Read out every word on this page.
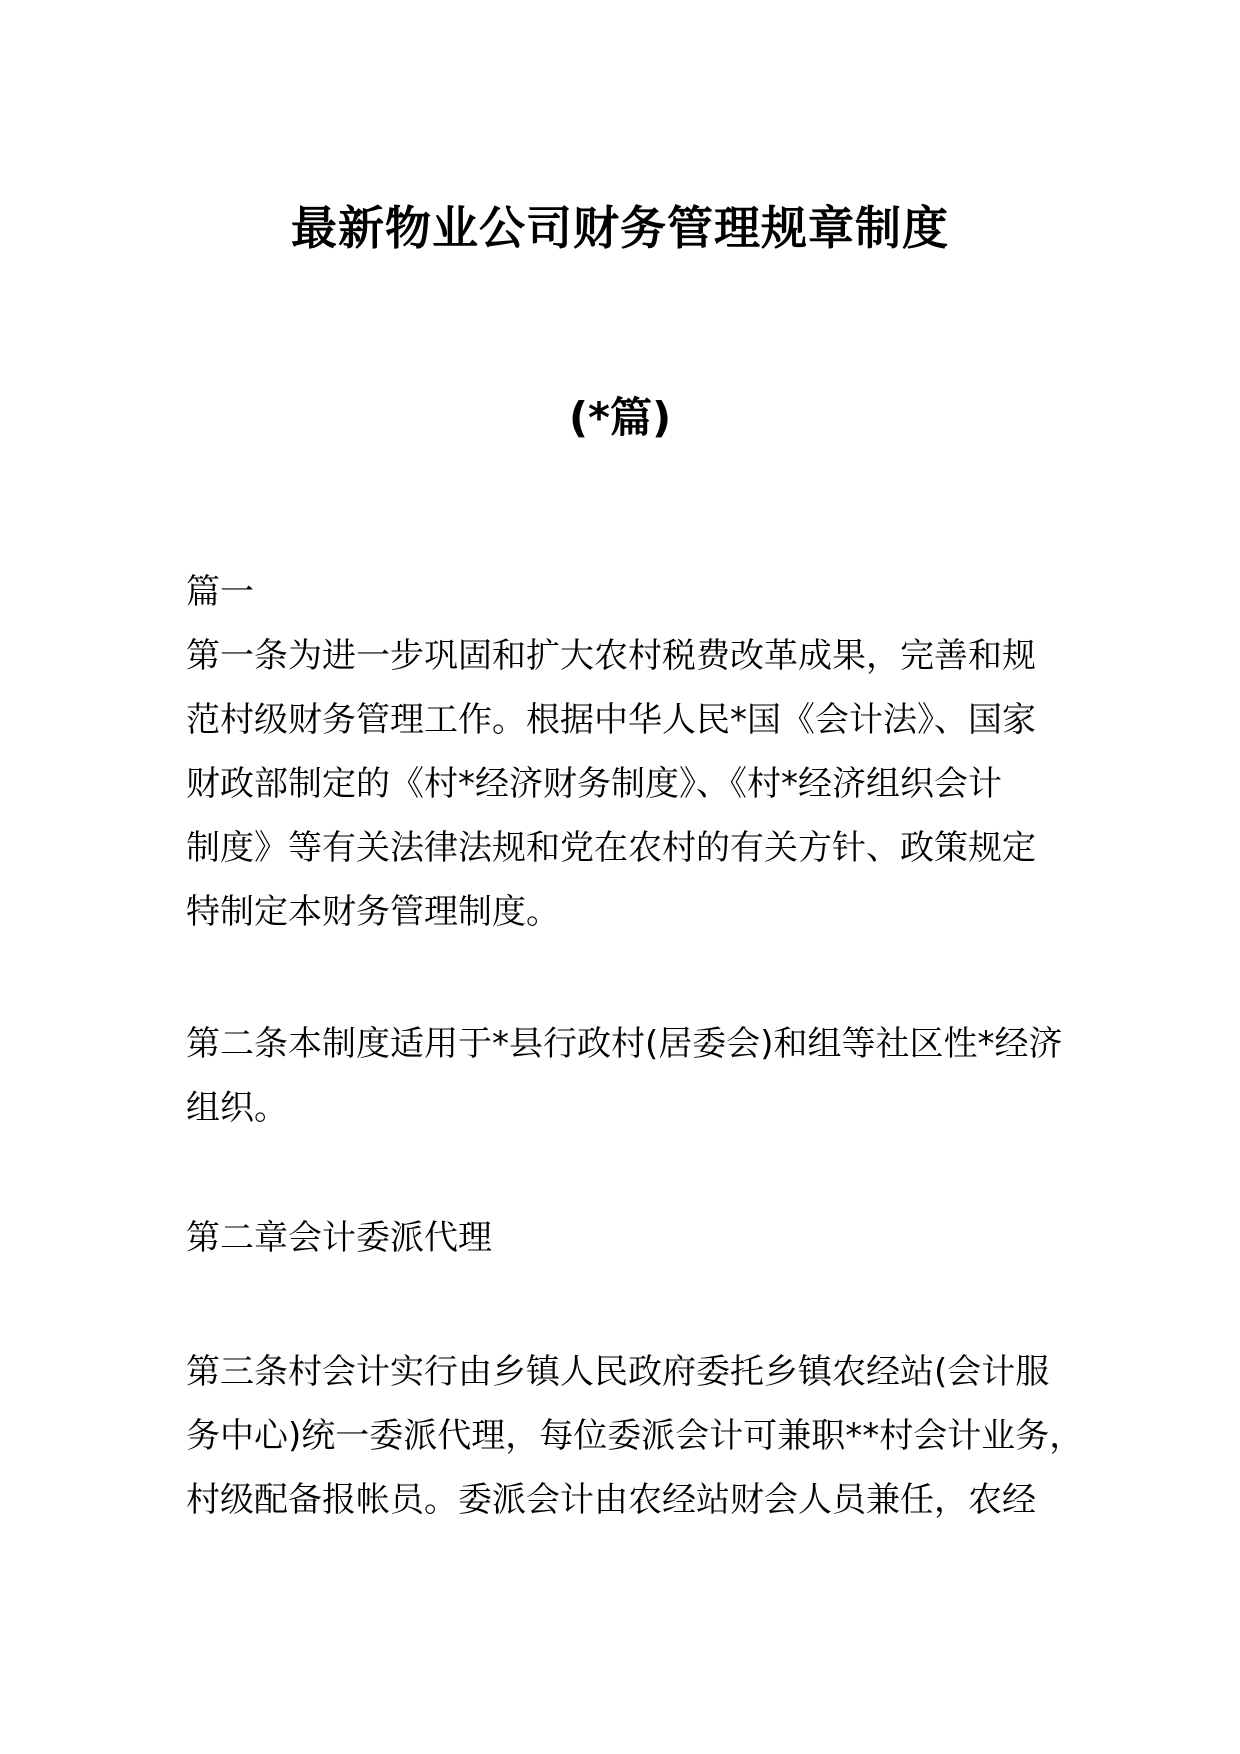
最新物业公司财务管理规章制度
(*篇)
篇一
第一条为进一步巩固和扩大农村税费改革成果，完善和规
范村级财务管理工作。根据中华人民*国《会计法》、国家
财政部制定的《村*经济财务制度》、《村*经济组织会计
制度》等有关法律法规和党在农村的有关方针、政策规定
特制定本财务管理制度。
第二条本制度适用于*县行政村(居委会)和组等社区性*经济
组织。
第二章会计委派代理
第三条村会计实行由乡镇人民政府委托乡镇农经站(会计服
务中心)统一委派代理，每位委派会计可兼职**村会计业务，
村级配备报帐员。委派会计由农经站财会人员兼任，农经
